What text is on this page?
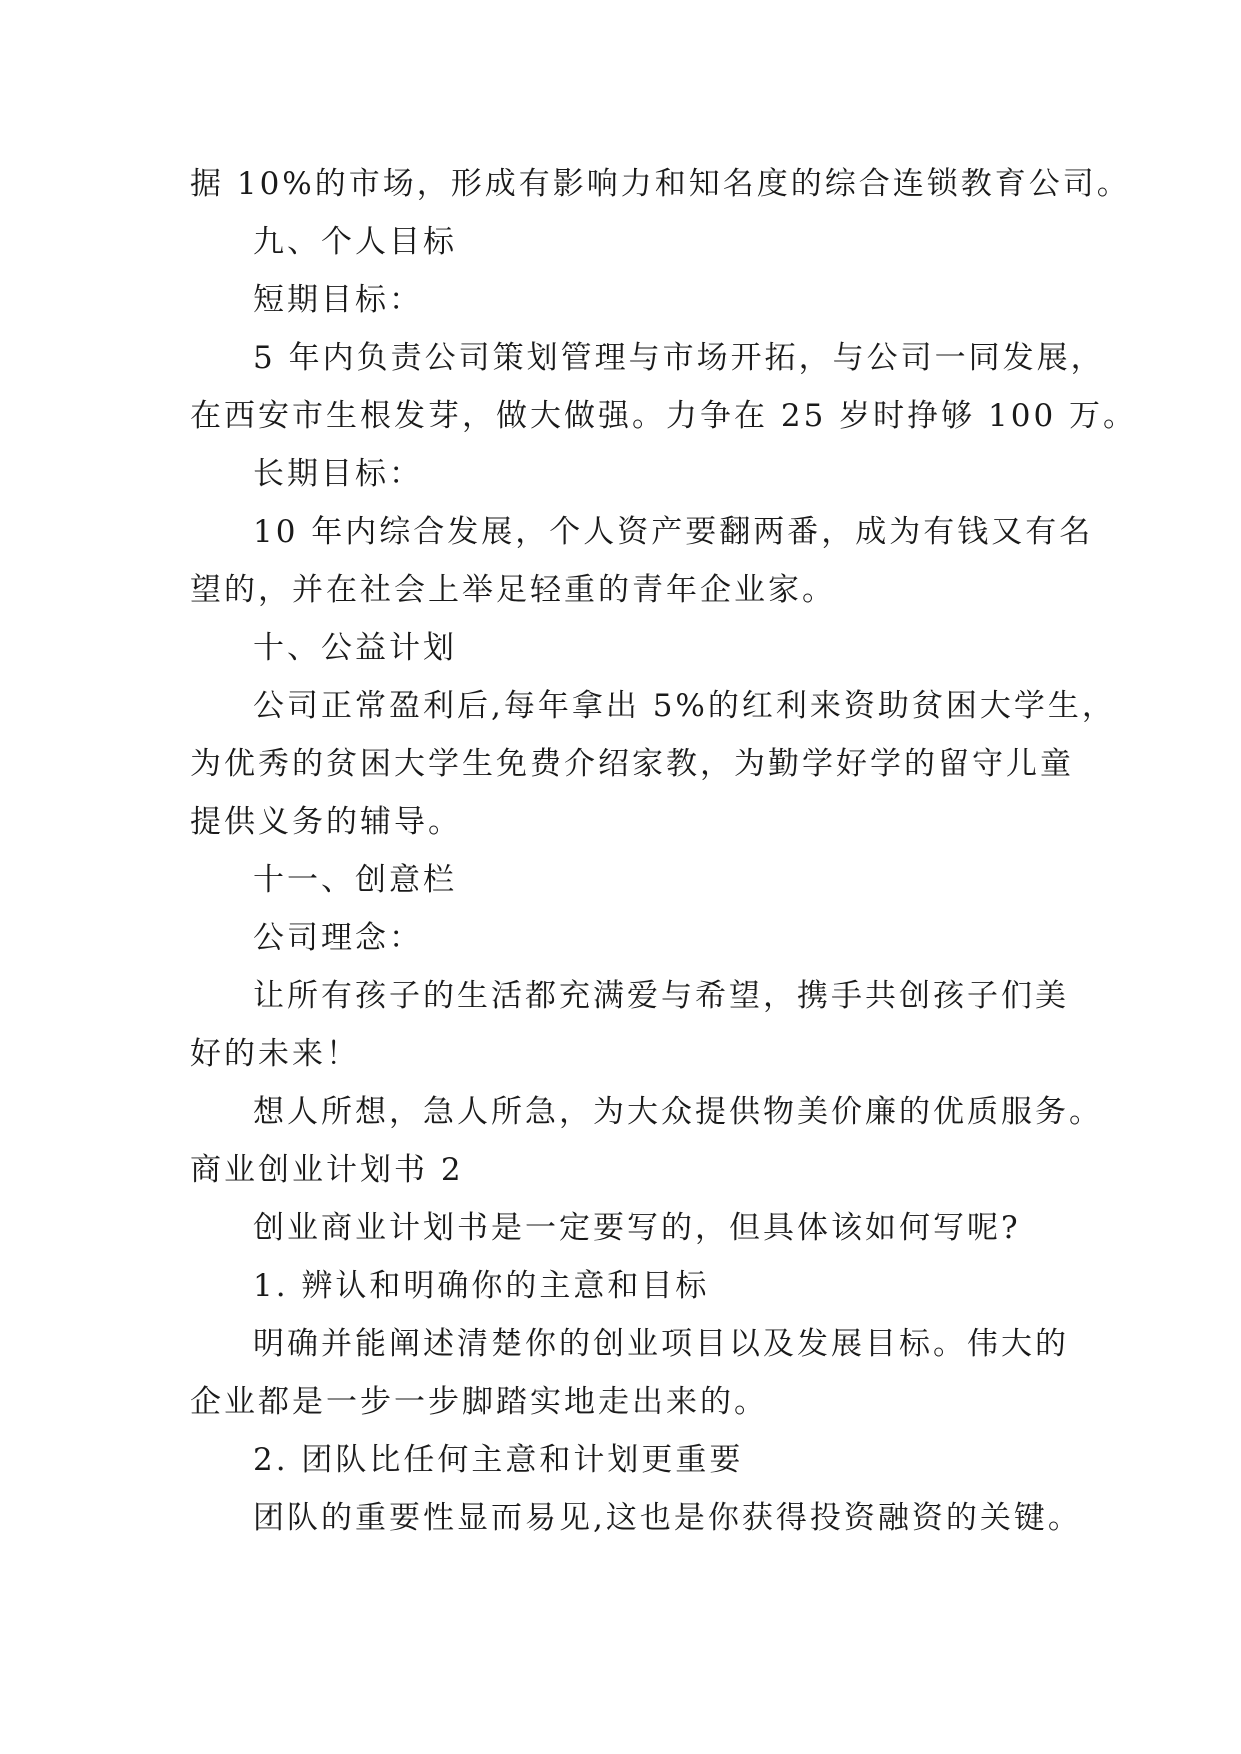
据 10%的市场，形成有影响力和知名度的综合连锁教育公司。
九、个人目标
短期目标：
5 年内负责公司策划管理与市场开拓，与公司一同发展，
在西安市生根发芽，做大做强。力争在 25 岁时挣够 100 万。
长期目标：
10 年内综合发展，个人资产要翻两番，成为有钱又有名
望的，并在社会上举足轻重的青年企业家。
十、公益计划
公司正常盈利后,每年拿出 5%的红利来资助贫困大学生，
为优秀的贫困大学生免费介绍家教，为勤学好学的留守儿童
提供义务的辅导。
十一、创意栏
公司理念：
让所有孩子的生活都充满爱与希望，携手共创孩子们美
好的未来！
想人所想，急人所急，为大众提供物美价廉的优质服务。
商业创业计划书 2
创业商业计划书是一定要写的，但具体该如何写呢?
1. 辨认和明确你的主意和目标
明确并能阐述清楚你的创业项目以及发展目标。伟大的
企业都是一步一步脚踏实地走出来的。
2. 团队比任何主意和计划更重要
团队的重要性显而易见,这也是你获得投资融资的关键。
